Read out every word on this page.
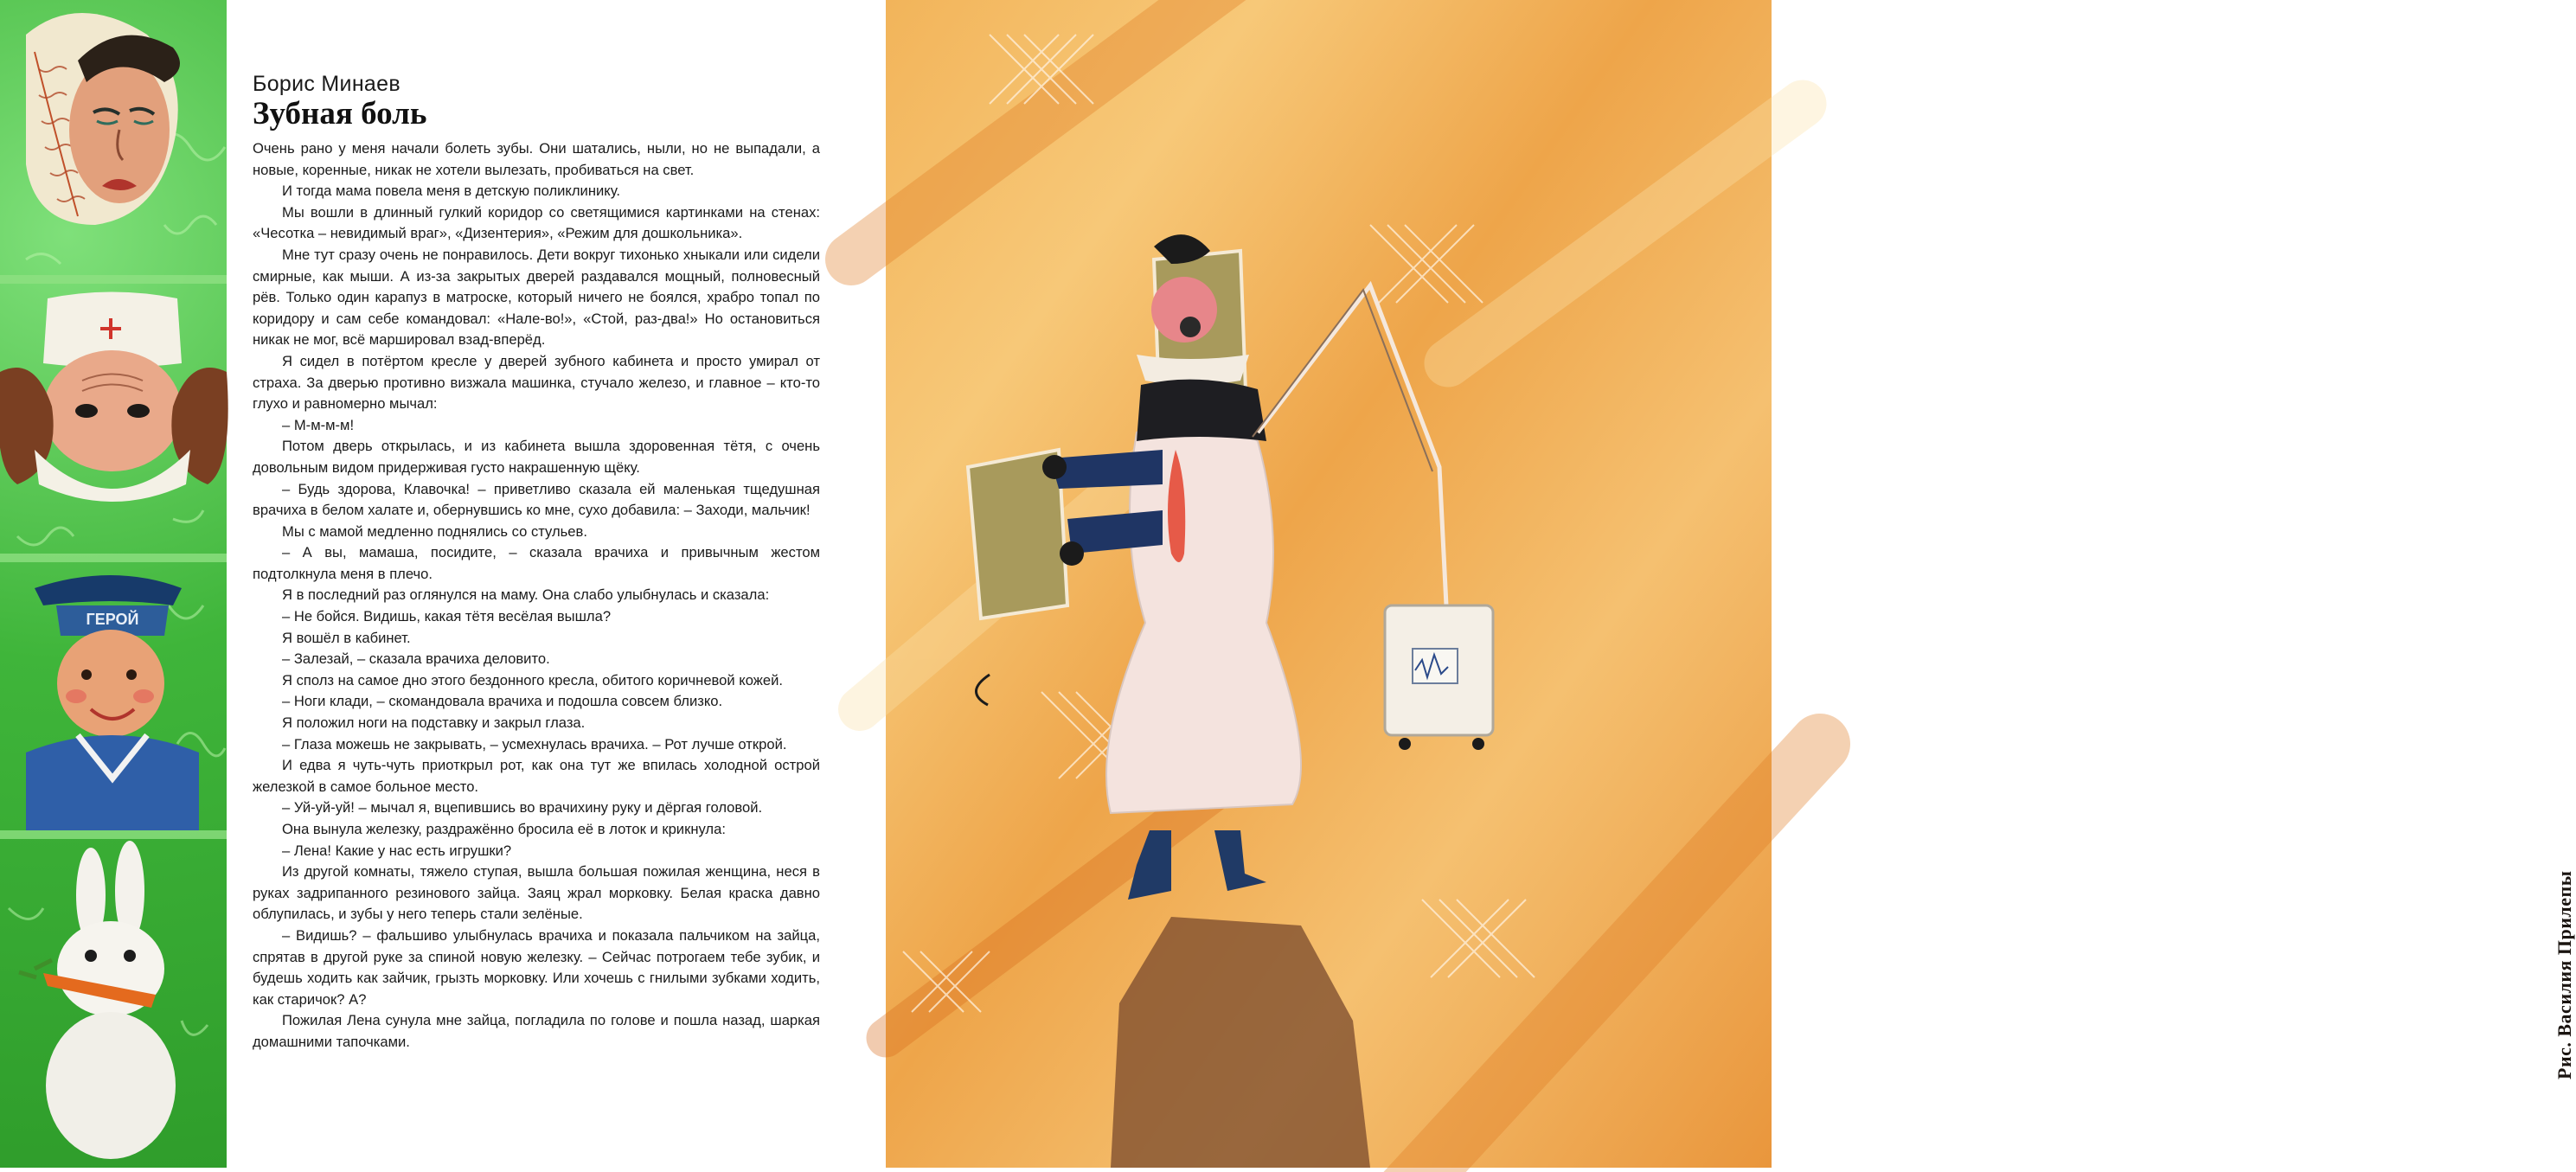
ГЕРОЙ
Борис Минаев
Зубная боль

Очень рано у меня начали болеть зубы. Они шатались, ныли, но не выпадали, а новые, коренные, никак не хотели вылезать, пробиваться на свет.

И тогда мама повела меня в детскую поликлинику.

Мы вошли в длинный гулкий коридор со светящимися картинками на стенах: «Чесотка – невидимый враг», «Дизентерия», «Режим для дошкольника».

Мне тут сразу очень не понравилось. Дети вокруг тихонько хныкали или сидели смирные, как мыши. А из-за закрытых дверей раздавался мощный, полновесный рёв. Только один карапуз в матроске, который ничего не боялся, храбро топал по коридору и сам себе командовал: «Нале-во!», «Стой, раз-два!» Но остановиться никак не мог, всё маршировал взад-вперёд.

Я сидел в потёртом кресле у дверей зубного кабинета и просто умирал от страха. За дверью противно визжала машинка, стучало железо, и главное – кто-то глухо и равномерно мычал:

– М-м-м-м!

Потом дверь открылась, и из кабинета вышла здоровенная тётя, с очень довольным видом придерживая густо накрашенную щёку.

– Будь здорова, Клавочка! – приветливо сказала ей маленькая тщедушная врачиха в белом халате и, обернувшись ко мне, сухо добавила: – Заходи, мальчик!

Мы с мамой медленно поднялись со стульев.

– А вы, мамаша, посидите, – сказала врачиха и привычным жестом подтолкнула меня в плечо.

Я в последний раз оглянулся на маму. Она слабо улыбнулась и сказала:

– Не бойся. Видишь, какая тётя весёлая вышла?

Я вошёл в кабинет.

– Залезай, – сказала врачиха деловито.

Я сполз на самое дно этого бездонного кресла, обитого коричневой кожей.

– Ноги клади, – скомандовала врачиха и подошла совсем близко.

Я положил ноги на подставку и закрыл глаза.

– Глаза можешь не закрывать, – усмехнулась врачиха. – Рот лучше открой.

И едва я чуть-чуть приоткрыл рот, как она тут же впилась холодной острой железкой в самое больное место.

– Уй-уй-уй! – мычал я, вцепившись во врачихину руку и дёргая головой.

Она вынула железку, раздражённо бросила её в лоток и крикнула:

– Лена! Какие у нас есть игрушки?

Из другой комнаты, тяжело ступая, вышла большая пожилая женщина, неся в руках задрипанного резинового зайца. Заяц жрал морковку. Белая краска давно облупилась, и зубы у него теперь стали зелёные.

– Видишь? – фальшиво улыбнулась врачиха и показала пальчиком на зайца, спрятав в другой руке за спиной новую железку. – Сейчас потрогаем тебе зубик, и будешь ходить как зайчик, грызть морковку. Или хочешь с гнилыми зубками ходить, как старичок? А?

Пожилая Лена сунула мне зайца, погладила по голове и пошла назад, шаркая домашними тапочками.	Рис. Василия Прилепы
